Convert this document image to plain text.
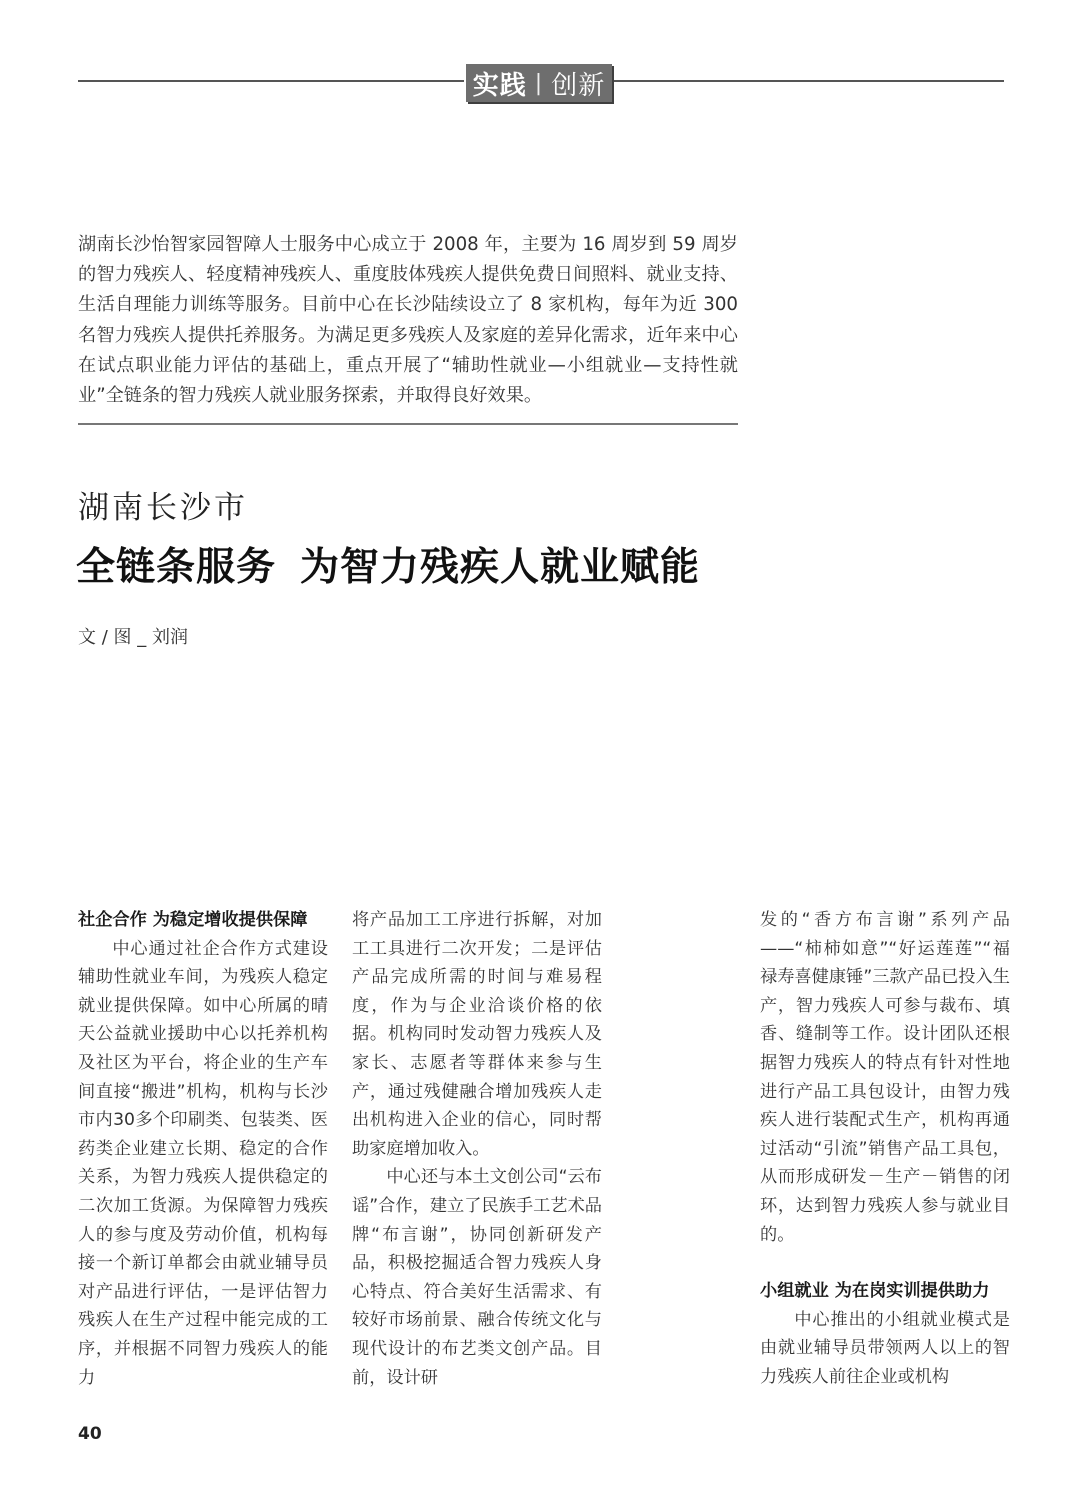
实践 | 创新
湖南长沙怡智家园智障人士服务中心成立于 2008 年，主要为 16 周岁到 59 周岁的智力残疾人、轻度精神残疾人、重度肢体残疾人提供免费日间照料、就业支持、生活自理能力训练等服务。目前中心在长沙陆续设立了 8 家机构，每年为近 300 名智力残疾人提供托养服务。为满足更多残疾人及家庭的差异化需求，近年来中心在试点职业能力评估的基础上，重点开展了“辅助性就业—小组就业—支持性就业”全链条的智力残疾人就业服务探索，并取得良好效果。
湖南长沙市
全链条服务 为智力残疾人就业赋能
文 / 图 _ 刘润
社企合作 为稳定增收提供保障

中心通过社企合作方式建设辅助性就业车间，为残疾人稳定就业提供保障。如中心所属的晴天公益就业援助中心以托养机构及社区为平台，将企业的生产车间直接“搬进”机构，机构与长沙市内30多个印刷类、包装类、医药类企业建立长期、稳定的合作关系，为智力残疾人提供稳定的二次加工货源。为保障智力残疾人的参与度及劳动价值，机构每接一个新订单都会由就业辅导员对产品进行评估，一是评估智力残疾人在生产过程中能完成的工序，并根据不同智力残疾人的能力

将产品加工工序进行拆解，对加工工具进行二次开发；二是评估产品完成所需的时间与难易程度，作为与企业洽谈价格的依据。机构同时发动智力残疾人及家长、志愿者等群体来参与生产，通过残健融合增加残疾人走出机构进入企业的信心，同时帮助家庭增加收入。

中心还与本土文创公司“云布谣”合作，建立了民族手工艺术品牌“布言谢”，协同创新研发产品，积极挖掘适合智力残疾人身心特点、符合美好生活需求、有较好市场前景、融合传统文化与现代设计的布艺类文创产品。目前，设计研

发的“香方布言谢”系列产品——“柿柿如意”“好运莲莲”“福禄寿喜健康锤”三款产品已投入生产，智力残疾人可参与裁布、填香、缝制等工作。设计团队还根据智力残疾人的特点有针对性地进行产品工具包设计，由智力残疾人进行装配式生产，机构再通过活动“引流”销售产品工具包，从而形成研发－生产－销售的闭环，达到智力残疾人参与就业目的。

小组就业 为在岗实训提供助力

中心推出的小组就业模式是由就业辅导员带领两人以上的智力残疾人前往企业或机构

40
